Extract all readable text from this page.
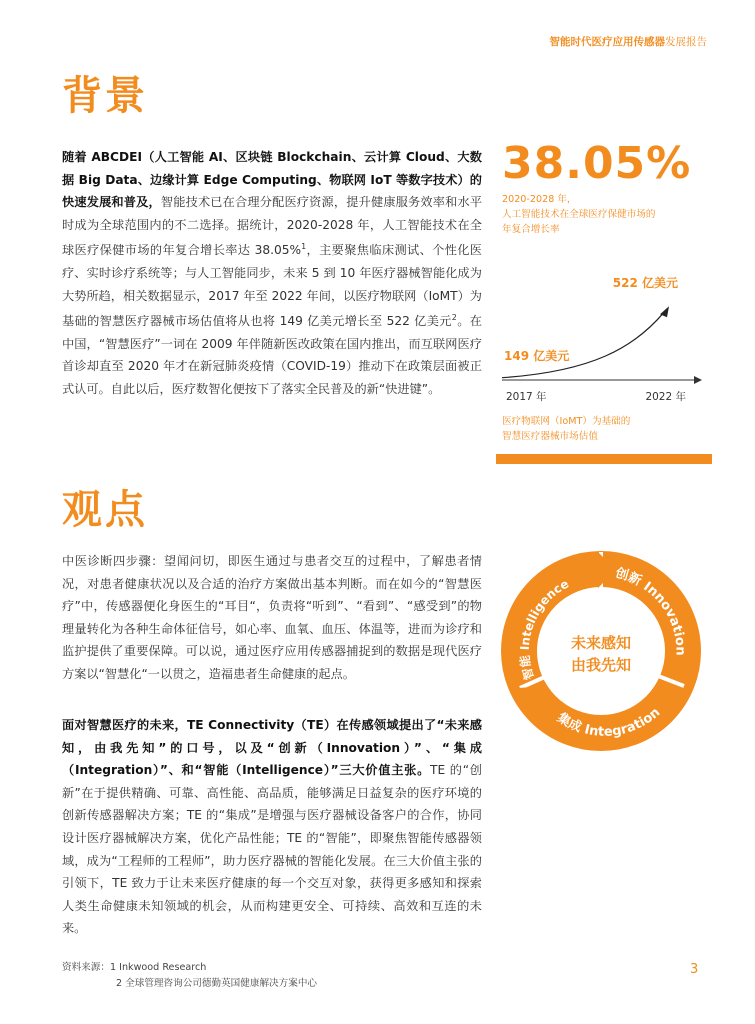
智能时代医疗应用传感器发展报告
背景
随着 ABCDEI（人工智能 AI、区块链 Blockchain、云计算 Cloud、大数据 Big Data、边缘计算 Edge Computing、物联网 IoT 等数字技术）的快速发展和普及，智能技术已在合理分配医疗资源，提升健康服务效率和水平时成为全球范围内的不二选择。据统计，2020-2028 年，人工智能技术在全球医疗保健市场的年复合增长率达 38.05%$^1$，主要聚焦临床测试、个性化医疗、实时诊疗系统等；与人工智能同步，未来 5 到 10 年医疗器械智能化成为大势所趋，相关数据显示，2017 年至 2022 年间，以医疗物联网（IoMT）为基础的智慧医疗器械市场估值将从也将 149 亿美元增长至 522 亿美元$^2$。在中国，“智慧医疗”一词在 2009 年伴随新医改政策在国内推出，而互联网医疗首诊却直至 2020 年才在新冠肺炎疫情（COVID-19）推动下在政策层面被正式认可。自此以后，医疗数智化便按下了落实全民普及的新“快进键”。
38.05%
2020-2028 年，
人工智能技术在全球医疗保健市场的
年复合增长率
149 亿美元
522 亿美元
2017 年	2022 年
医疗物联网（IoMT）为基础的
智慧医疗器械市场估值
观点
中医诊断四步骤：望闻问切，即医生通过与患者交互的过程中，了解患者情况，对患者健康状况以及合适的治疗方案做出基本判断。而在如今的“智慧医疗”中，传感器便化身医生的“耳目“，负责将“听到”、“看到”、“感受到”的物理量转化为各种生命体征信号，如心率、血氧、血压、体温等，进而为诊疗和监护提供了重要保障。可以说，通过医疗应用传感器捕捉到的数据是现代医疗方案以“智慧化“一以贯之，造福患者生命健康的起点。
面对智慧医疗的未来，TE Connectivity（TE）在传感领域提出了“未来感知，由我先知”的口号，以及“创新（Innovation）”、“集成（Integration）”、和“智能（Intelligence）”三大价值主张。TE 的“创新”在于提供精确、可靠、高性能、高品质，能够满足日益复杂的医疗环境的创新传感器解决方案；TE 的“集成”是增强与医疗器械设备客户的合作，协同设计医疗器械解决方案，优化产品性能；TE 的“智能”，即聚焦智能传感器领域，成为“工程师的工程师”，助力医疗器械的智能化发展。在三大价值主张的引领下，TE 致力于让未来医疗健康的每一个交互对象，获得更多感知和探索人类生命健康未知领域的机会，从而构建更安全、可持续、高效和互连的未来。
创新 Innovation
集成 Integration
智能 Intelligence
未来感知
由我先知
资料来源：1 Inkwood Research
2 全球管理咨询公司德勤英国健康解决方案中心
3
